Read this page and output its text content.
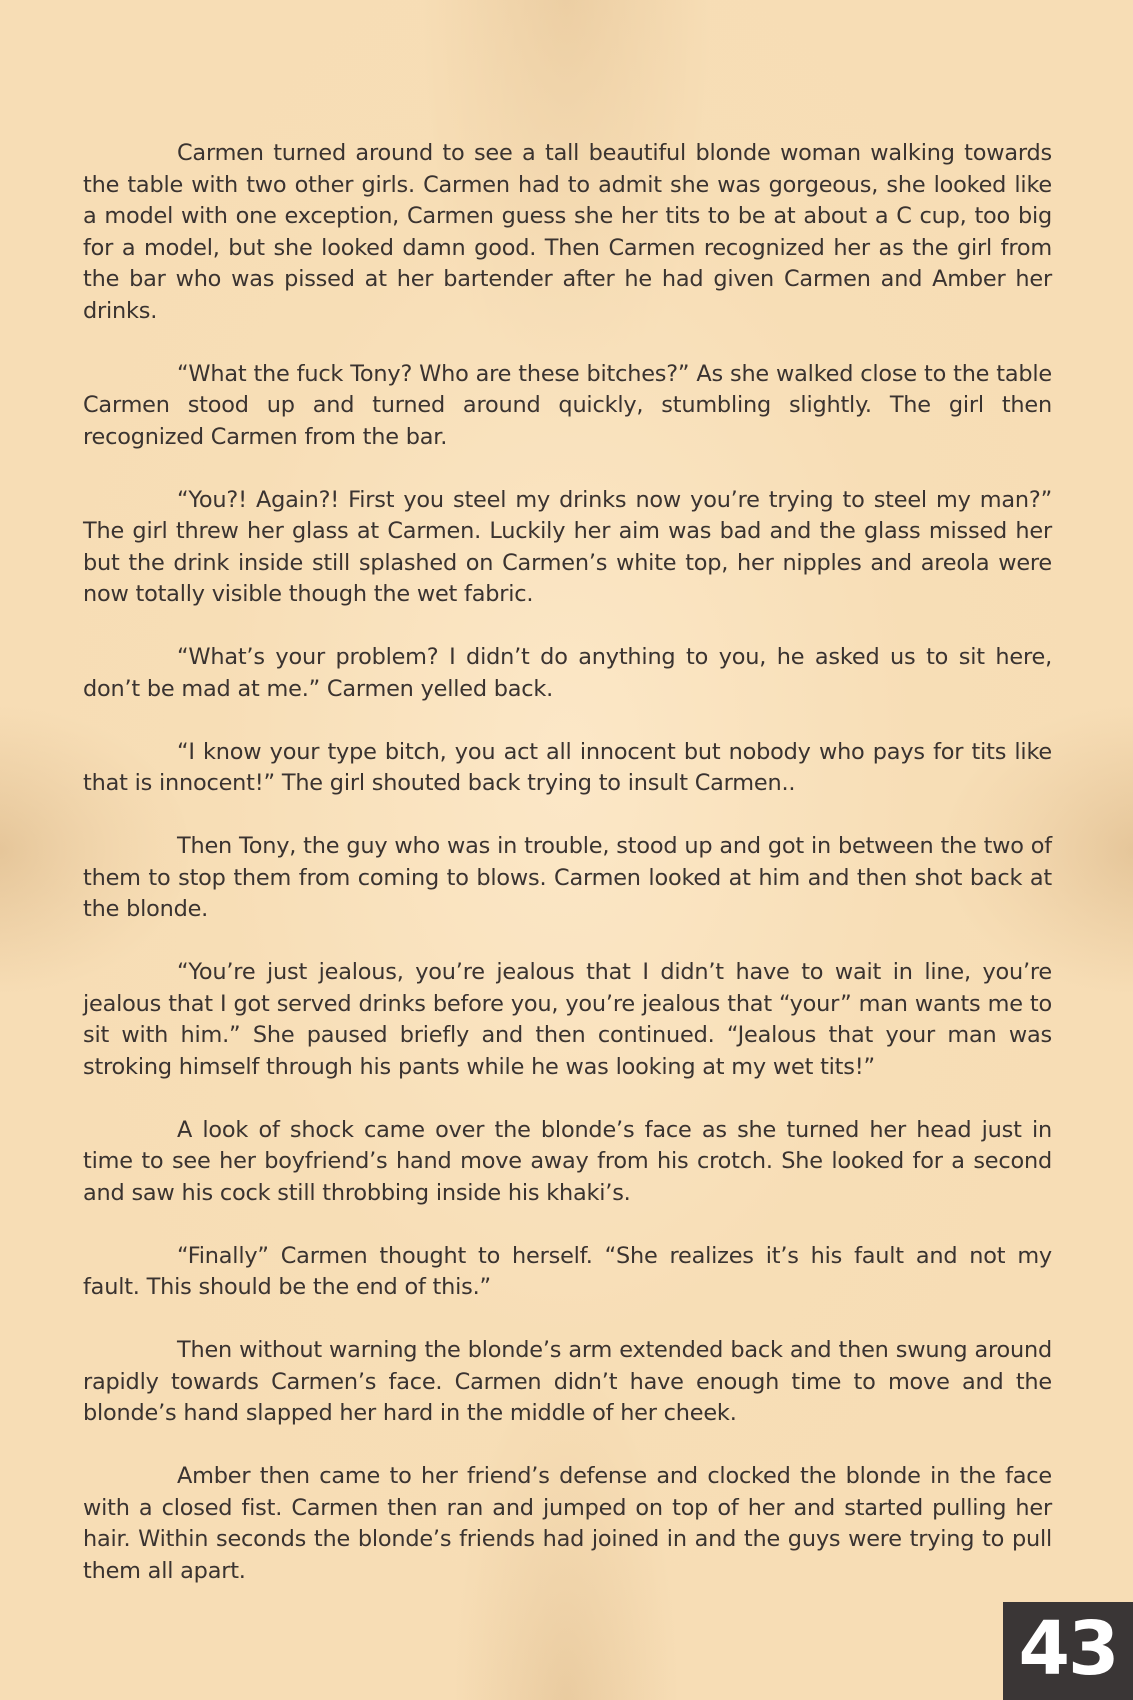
Carmen turned around to see a tall beautiful blonde woman walking towards the table with two other girls. Carmen had to admit she was gorgeous, she looked like a model with one exception, Carmen guess she her tits to be at about a C cup, too big for a model, but she looked damn good. Then Carmen recognized her as the girl from the bar who was pissed at her bartender after he had given Carmen and Amber her drinks.

“What the fuck Tony? Who are these bitches?” As she walked close to the table Carmen stood up and turned around quickly, stumbling slightly. The girl then recognized Carmen from the bar.

“You?! Again?! First you steel my drinks now you’re trying to steel my man?” The girl threw her glass at Carmen. Luckily her aim was bad and the glass missed her but the drink inside still splashed on Carmen’s white top, her nipples and areola were now totally visible though the wet fabric.

“What’s your problem? I didn’t do anything to you, he asked us to sit here, don’t be mad at me.” Carmen yelled back.

“I know your type bitch, you act all innocent but nobody who pays for tits like that is innocent!” The girl shouted back trying to insult Carmen..

Then Tony, the guy who was in trouble, stood up and got in between the two of them to stop them from coming to blows. Carmen looked at him and then shot back at the blonde.

“You’re just jealous, you’re jealous that I didn’t have to wait in line, you’re jealous that I got served drinks before you, you’re jealous that “your” man wants me to sit with him.” She paused briefly and then continued. “Jealous that your man was stroking himself through his pants while he was looking at my wet tits!”

A look of shock came over the blonde’s face as she turned her head just in time to see her boyfriend’s hand move away from his crotch. She looked for a second and saw his cock still throbbing inside his khaki’s.

“Finally” Carmen thought to herself. “She realizes it’s his fault and not my fault. This should be the end of this.”

Then without warning the blonde’s arm extended back and then swung around rapidly towards Carmen’s face. Carmen didn’t have enough time to move and the blonde’s hand slapped her hard in the middle of her cheek.

Amber then came to her friend’s defense and clocked the blonde in the face with a closed fist. Carmen then ran and jumped on top of her and started pulling her hair. Within seconds the blonde’s friends had joined in and the guys were trying to pull them all apart.

43
